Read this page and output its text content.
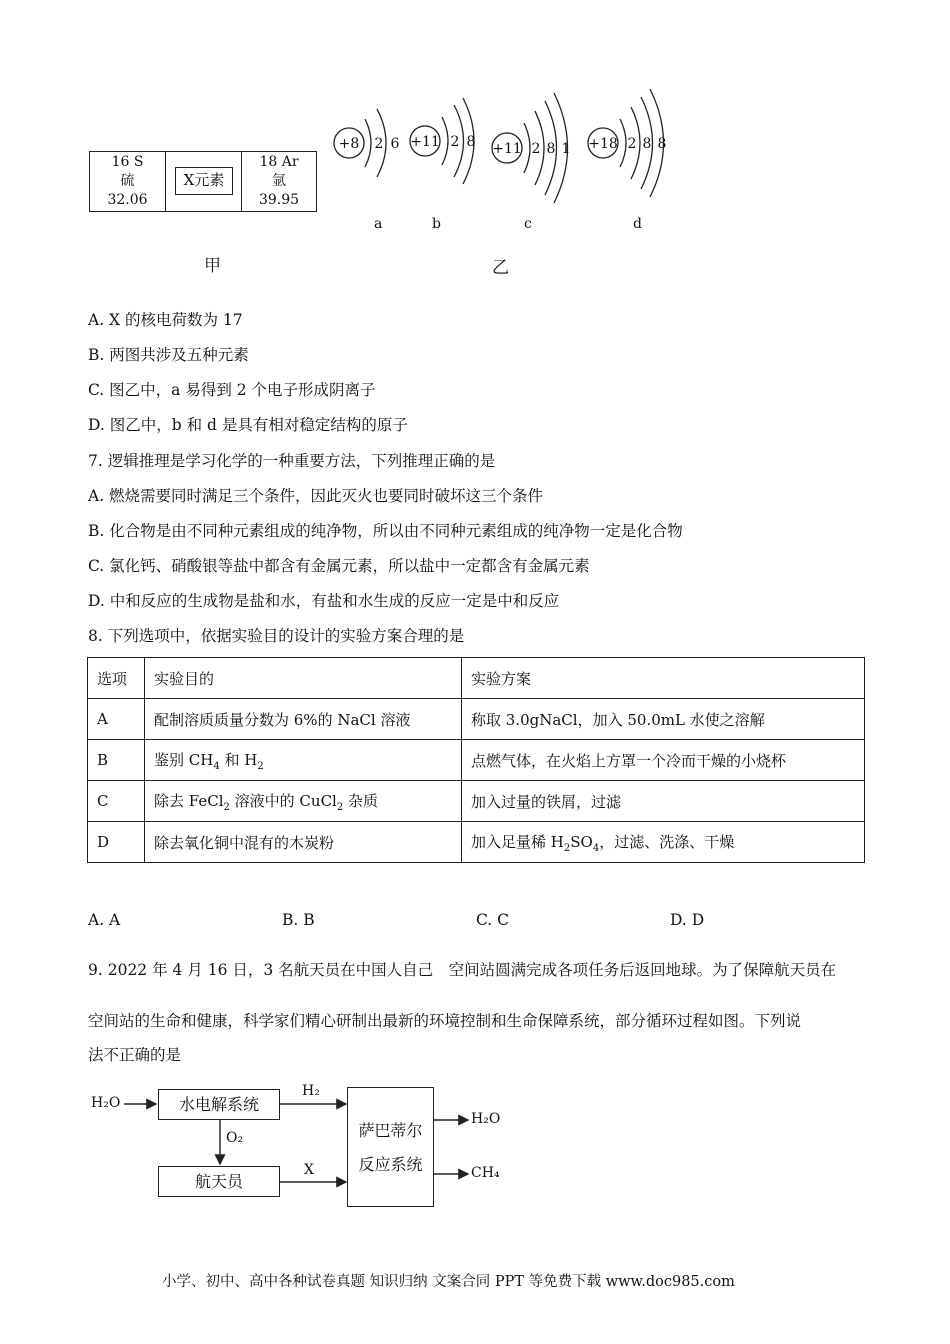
16 S
硫
32.06
X元素
18 Ar
氩
39.95
甲
+8 2 6 +11 2 8 +11 2 8 1 +18 2 8 8
a	b	c	d
乙
A. X 的核电荷数为 17
B. 两图共涉及五种元素
C. 图乙中，a 易得到 2 个电子形成阴离子
D. 图乙中，b 和 d 是具有相对稳定结构的原子
7. 逻辑推理是学习化学的一种重要方法，下列推理正确的是
A. 燃烧需要同时满足三个条件，因此灭火也要同时破坏这三个条件
B. 化合物是由不同种元素组成的纯净物，所以由不同种元素组成的纯净物一定是化合物
C. 氯化钙、硝酸银等盐中都含有金属元素，所以盐中一定都含有金属元素
D. 中和反应的生成物是盐和水，有盐和水生成的反应一定是中和反应
8. 下列选项中，依据实验目的设计的实验方案合理的是
选项	实验目的	实验方案
A	配制溶质质量分数为 6%的 NaCl 溶液	称取 3.0gNaCl，加入 50.0mL 水使之溶解
B	鉴别 $CH_4$ 和 $H_2$	点燃气体，在火焰上方罩一个冷而干燥的小烧杯
C	除去 FeCl$_2$ 溶液中的 CuCl$_2$ 杂质	加入过量的铁屑，过滤
D	除去氧化铜中混有的木炭粉	加入足量稀 $H_2SO_4$，过滤、洗涤、干燥
A. A	B. B	C. C	D. D
9. 2022 年 4 月 16 日，3 名航天员在中国人自己　空间站圆满完成各项任务后返回地球。为了保障航天员在
空间站的生命和健康，科学家们精心研制出最新的环境控制和生命保障系统，部分循环过程如图。下列说
法不正确的是
H₂O	水电解系统
H₂
O₂
航天员
X
萨巴蒂尔
反应系统
H₂O
CH₄
小学、初中、高中各种试卷真题 知识归纳 文案合同 PPT 等免费下载 www.doc985.com
